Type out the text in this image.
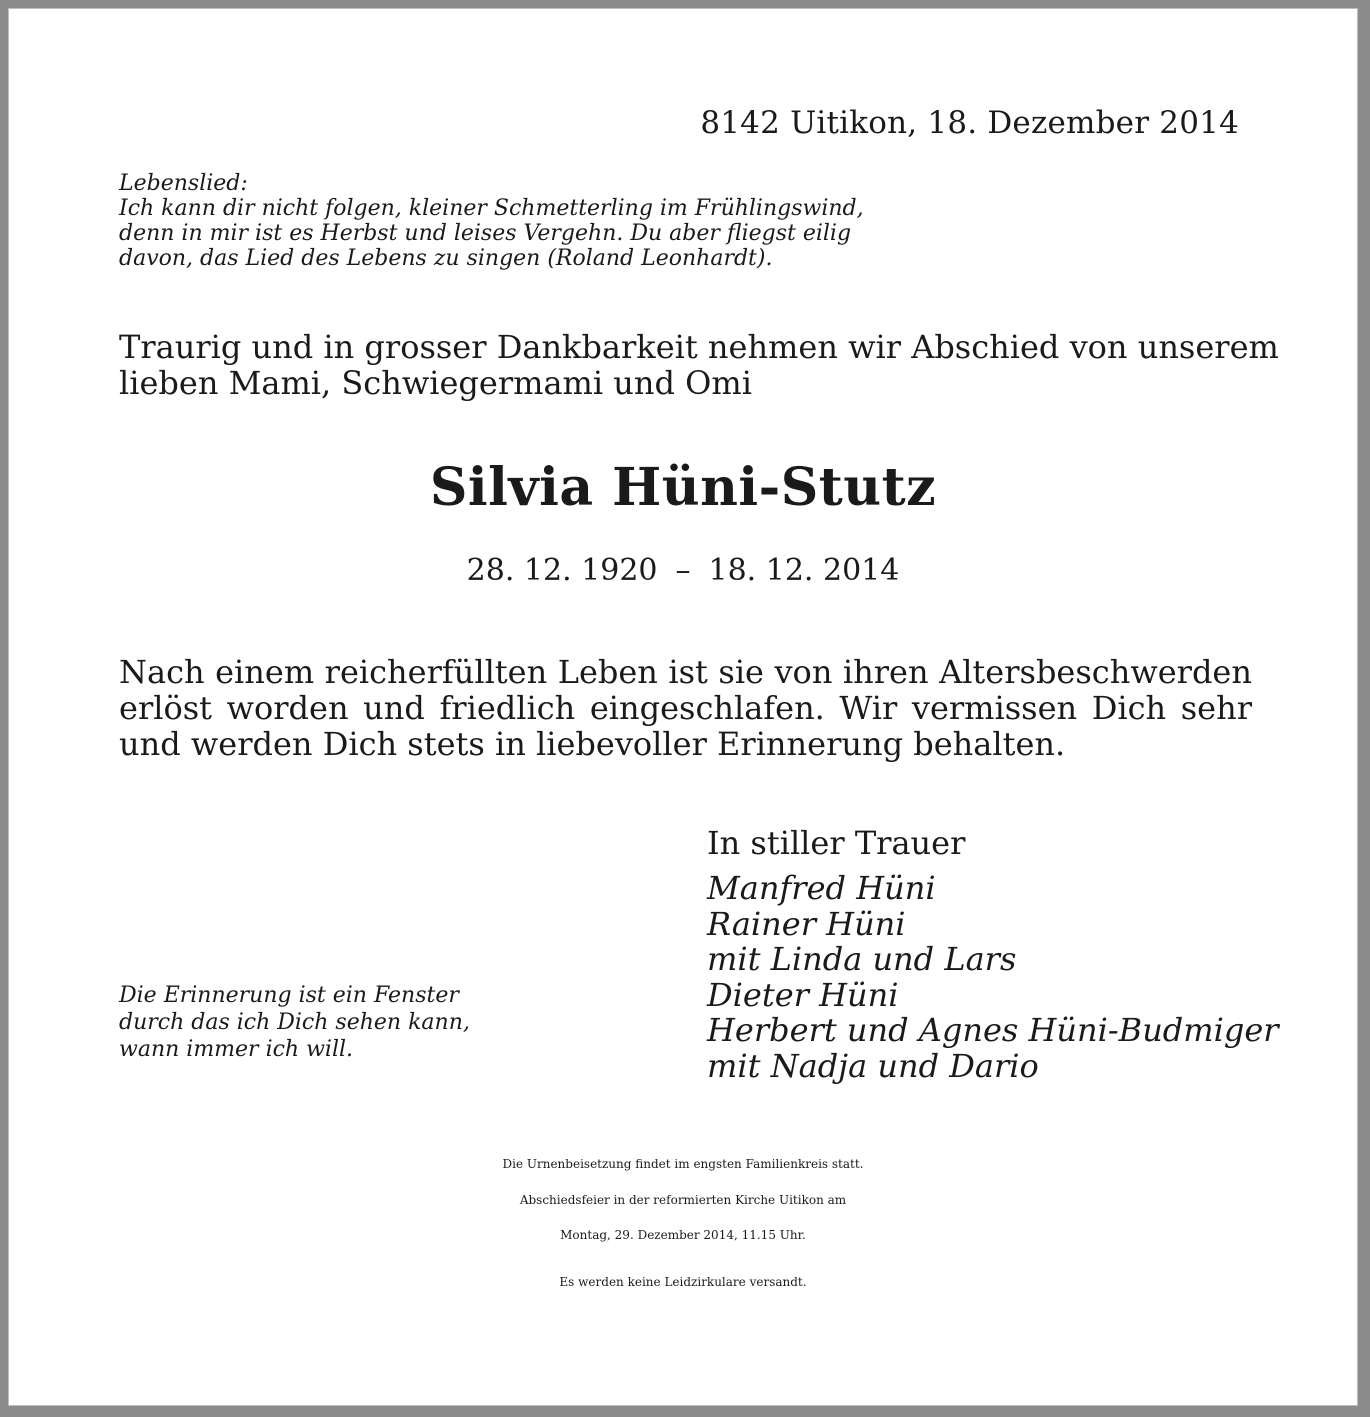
8142 Uitikon, 18. Dezember 2014

Lebenslied:
Ich kann dir nicht folgen, kleiner Schmetterling im Frühlingswind,
denn in mir ist es Herbst und leises Vergehn. Du aber fliegst eilig
davon, das Lied des Lebens zu singen (Roland Leonhardt).
Traurig und in grosser Dankbarkeit nehmen wir Abschied von unserem
lieben Mami, Schwiegermami und Omi
Silvia Hüni-Stutz

28. 12. 1920 – 18. 12. 2014

Nach einem reicherfüllten Leben ist sie von ihren Altersbeschwerden
erlöst worden und friedlich eingeschlafen. Wir vermissen Dich sehr
und werden Dich stets in liebevoller Erinnerung behalten.

In stiller Trauer

Manfred Hüni
Rainer Hüni
mit Linda und Lars
Dieter Hüni
Herbert und Agnes Hüni-Budmiger
mit Nadja und Dario
Die Erinnerung ist ein Fenster
durch das ich Dich sehen kann,
wann immer ich will.
Die Urnenbeisetzung findet im engsten Familienkreis statt.
Abschiedsfeier in der reformierten Kirche Uitikon am
Montag, 29. Dezember 2014, 11.15 Uhr.

Es werden keine Leidzirkulare versandt.
